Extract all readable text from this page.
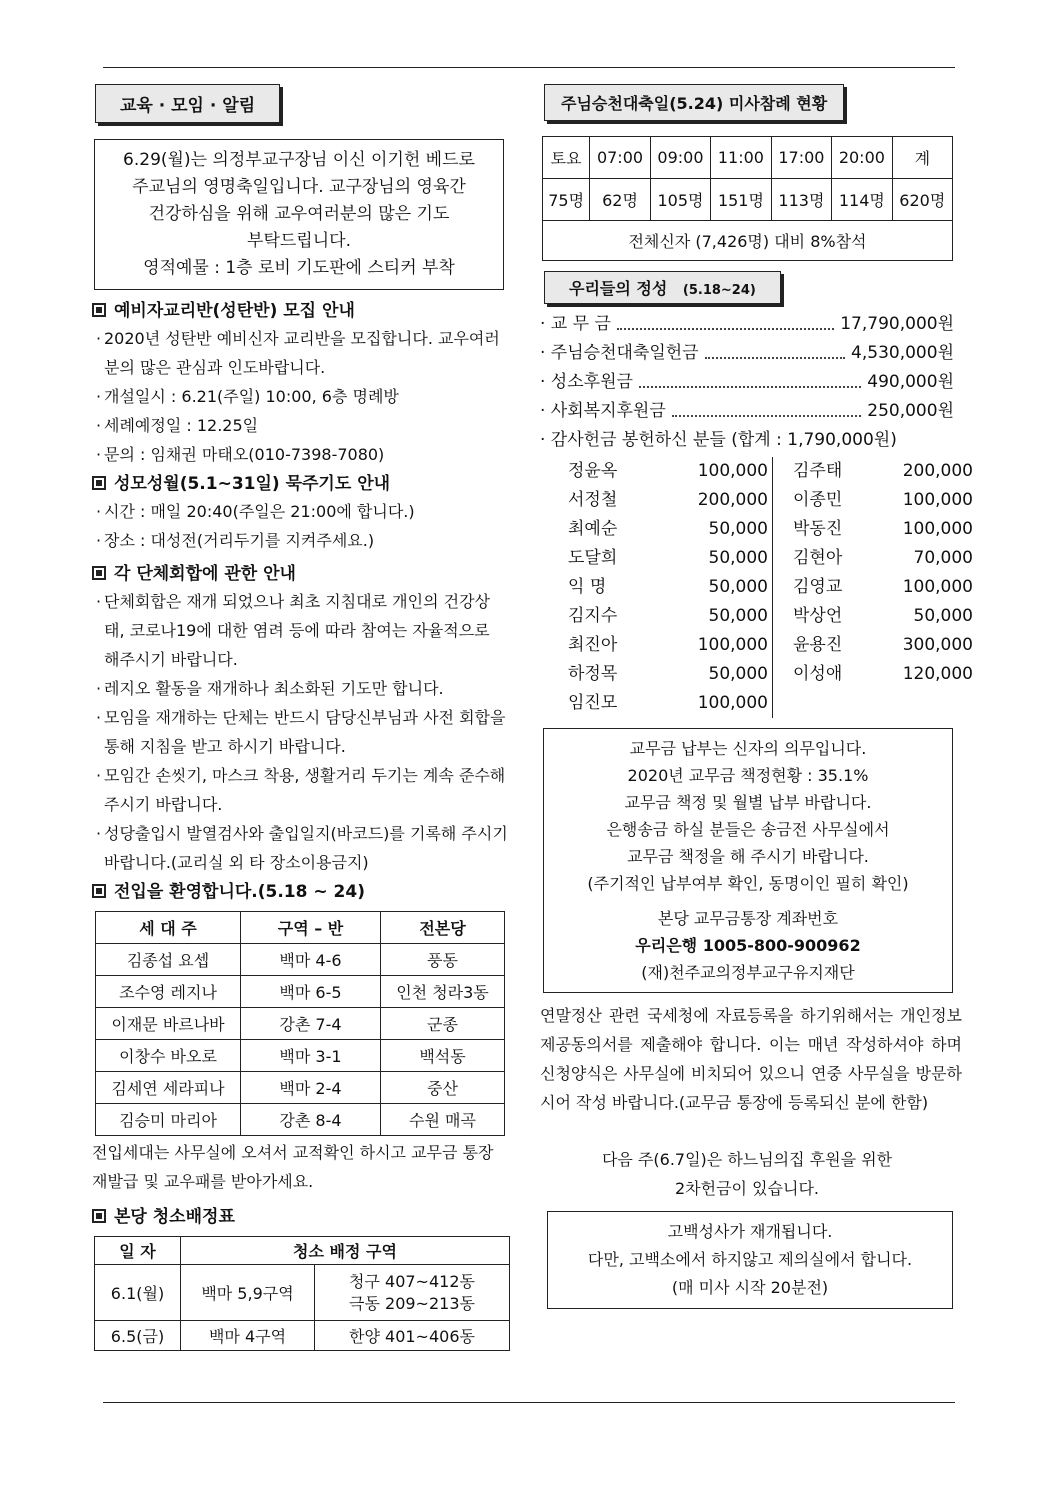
교육 · 모임 · 알림
6.29(월)는 의정부교구장님 이신 이기헌 베드로
주교님의 영명축일입니다. 교구장님의 영육간
건강하심을 위해 교우여러분의 많은 기도
부탁드립니다.
영적예물 : 1층 로비 기도판에 스티커 부착
예비자교리반(성탄반) 모집 안내
· 2020년 성탄반 예비신자 교리반을 모집합니다. 교우여러분의 많은 관심과 인도바랍니다.
· 개설일시 : 6.21(주일) 10:00, 6층 명례방
· 세례예정일 : 12.25일
· 문의 : 임채권 마태오(010-7398-7080)
성모성월(5.1~31일) 묵주기도 안내
· 시간 : 매일 20:40(주일은 21:00에 합니다.)
· 장소 : 대성전(거리두기를 지켜주세요.)
각 단체회합에 관한 안내
· 단체회합은 재개 되었으나 최초 지침대로 개인의 건강상태, 코로나19에 대한 염려 등에 따라 참여는 자율적으로 해주시기 바랍니다.
· 레지오 활동을 재개하나 최소화된 기도만 합니다.
· 모임을 재개하는 단체는 반드시 담당신부님과 사전 회합을 통해 지침을 받고 하시기 바랍니다.
· 모임간 손씻기, 마스크 착용, 생활거리 두기는 계속 준수해 주시기 바랍니다.
· 성당출입시 발열검사와 출입일지(바코드)를 기록해 주시기 바랍니다.(교리실 외 타 장소이용금지)
전입을 환영합니다.(5.18 ~ 24)
세 대 주	구역 – 반	전본당
김종섭 요셉	백마 4-6	풍동
조수영 레지나	백마 6-5	인천 청라3동
이재문 바르나바	강촌 7-4	군종
이창수 바오로	백마 3-1	백석동
김세연 세라피나	백마 2-4	중산
김승미 마리아	강촌 8-4	수원 매곡
전입세대는 사무실에 오셔서 교적확인 하시고 교무금 통장 재발급 및 교우패를 받아가세요.
본당 청소배정표
일 자	청소 배정 구역	
6.1(월)	백마 5,9구역	청구 407~412동
극동 209~213동

6.5(금)	백마 4구역	한양 401~406동
주님승천대축일(5.24) 미사참례 현황
토요	07:00	09:00	11:00	17:00	20:00	계
75명	62명	105명	151명	113명	114명	620명
전체신자 (7,426명) 대비 8%참석						
우리들의 정성 (5.18~24)
· 교 무 금	17,790,000원
· 주님승천대축일헌금	4,530,000원
· 성소후원금	490,000원
· 사회복지후원금	250,000원
· 감사헌금 봉헌하신 분들 (합계 : 1,790,000원)
정윤옥	100,000	김주태	200,000
서정철	200,000	이종민	100,000
최예순	50,000	박동진	100,000
도달희	50,000	김현아	70,000
익 명	50,000	김영교	100,000
김지수	50,000	박상언	50,000
최진아	100,000	윤용진	300,000
하정목	50,000	이성애	120,000
임진모	100,000
교무금 납부는 신자의 의무입니다.
2020년 교무금 책정현황 : 35.1%
교무금 책정 및 월별 납부 바랍니다.
은행송금 하실 분들은 송금전 사무실에서
교무금 책정을 해 주시기 바랍니다.
(주기적인 납부여부 확인, 동명이인 필히 확인)
본당 교무금통장 계좌번호
우리은행 1005-800-900962
(재)천주교의정부교구유지재단
연말정산 관련 국세청에 자료등록을 하기위해서는 개인정보제공동의서를 제출해야 합니다. 이는 매년 작성하셔야 하며 신청양식은 사무실에 비치되어 있으니 연중 사무실을 방문하시어 작성 바랍니다.(교무금 통장에 등록되신 분에 한함)
다음 주(6.7일)은 하느님의집 후원을 위한
2차헌금이 있습니다.
고백성사가 재개됩니다.
다만, 고백소에서 하지않고 제의실에서 합니다.
(매 미사 시작 20분전)
